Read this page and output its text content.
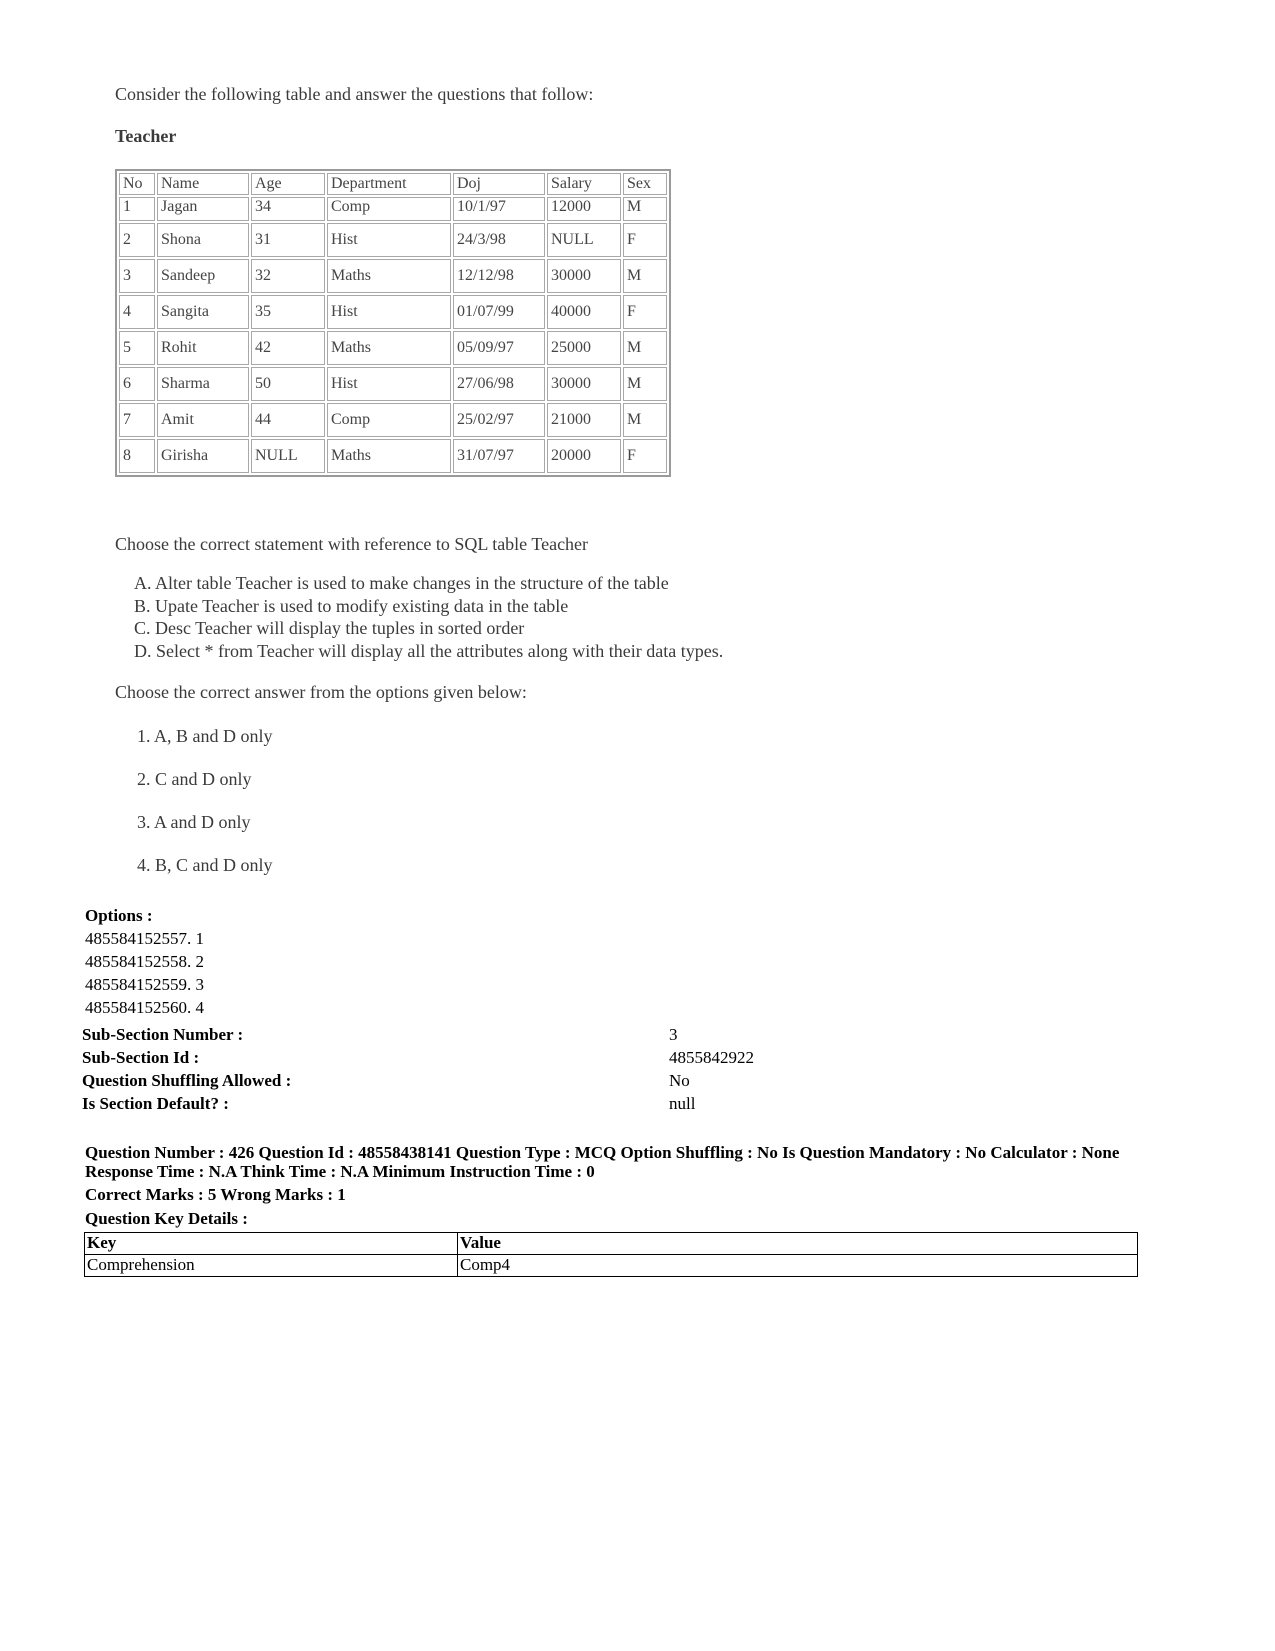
Consider the following table and answer the questions that follow:
Teacher
No	Name	Age	Department	Doj	Salary	Sex
1	Jagan	34	Comp	10/1/97	12000	M
2	Shona	31	Hist	24/3/98	NULL	F
3	Sandeep	32	Maths	12/12/98	30000	M
4	Sangita	35	Hist	01/07/99	40000	F
5	Rohit	42	Maths	05/09/97	25000	M
6	Sharma	50	Hist	27/06/98	30000	M
7	Amit	44	Comp	25/02/97	21000	M
8	Girisha	NULL	Maths	31/07/97	20000	F
Choose the correct statement with reference to SQL table Teacher
A. Alter table Teacher is used to make changes in the structure of the table
B. Upate Teacher is used to modify existing data in the table
C. Desc Teacher will display the tuples in sorted order
D. Select * from Teacher will display all the attributes along with their data types.
Choose the correct answer from the options given below:
1. A, B and D only
2. C and D only
3. A and D only
4. B, C and D only
Options :
485584152557. 1
485584152558. 2
485584152559. 3
485584152560. 4
Sub-Section Number :	3
Sub-Section Id :	4855842922
Question Shuffling Allowed :	No
Is Section Default? :	null
Question Number : 426 Question Id : 48558438141 Question Type : MCQ Option Shuffling : No Is Question Mandatory : No Calculator : None
Response Time : N.A Think Time : N.A Minimum Instruction Time : 0
Correct Marks : 5 Wrong Marks : 1
Question Key Details :
Key	Value
Comprehension	Comp4
